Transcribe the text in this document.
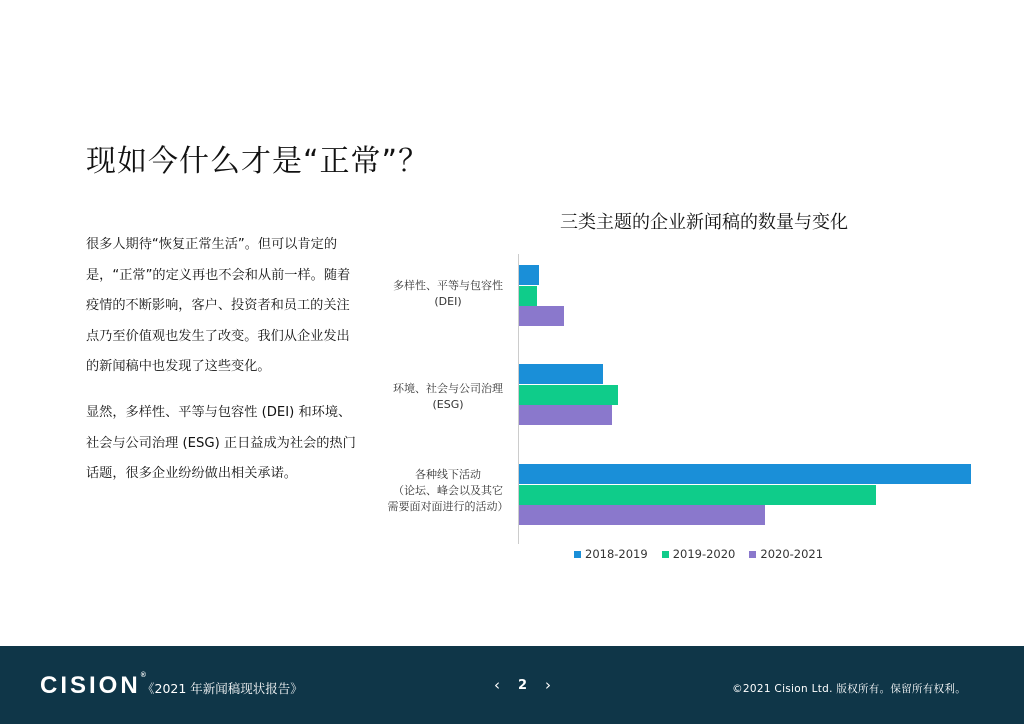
现如今什么才是“正常”？

很多人期待“恢复正常生活”。但可以肯定的是，“正常”的定义再也不会和从前一样。随着疫情的不断影响，客户、投资者和员工的关注点乃至价值观也发生了改变。我们从企业发出的新闻稿中也发现了这些变化。

显然，多样性、平等与包容性 (DEI) 和环境、社会与公司治理 (ESG) 正日益成为社会的热门话题，很多企业纷纷做出相关承诺。

三类主题的企业新闻稿的数量与变化
多样性、平等与包容性
(DEI)
环境、社会与公司治理
(ESG)
各种线下活动
（论坛、峰会以及其它
需要面对面进行的活动）
2018-2019 2019-2020 2020-2021
CISION®
《2021 年新闻稿现状报告》	‹ 2 ›	©2021 Cision Ltd. 版权所有。保留所有权利。
